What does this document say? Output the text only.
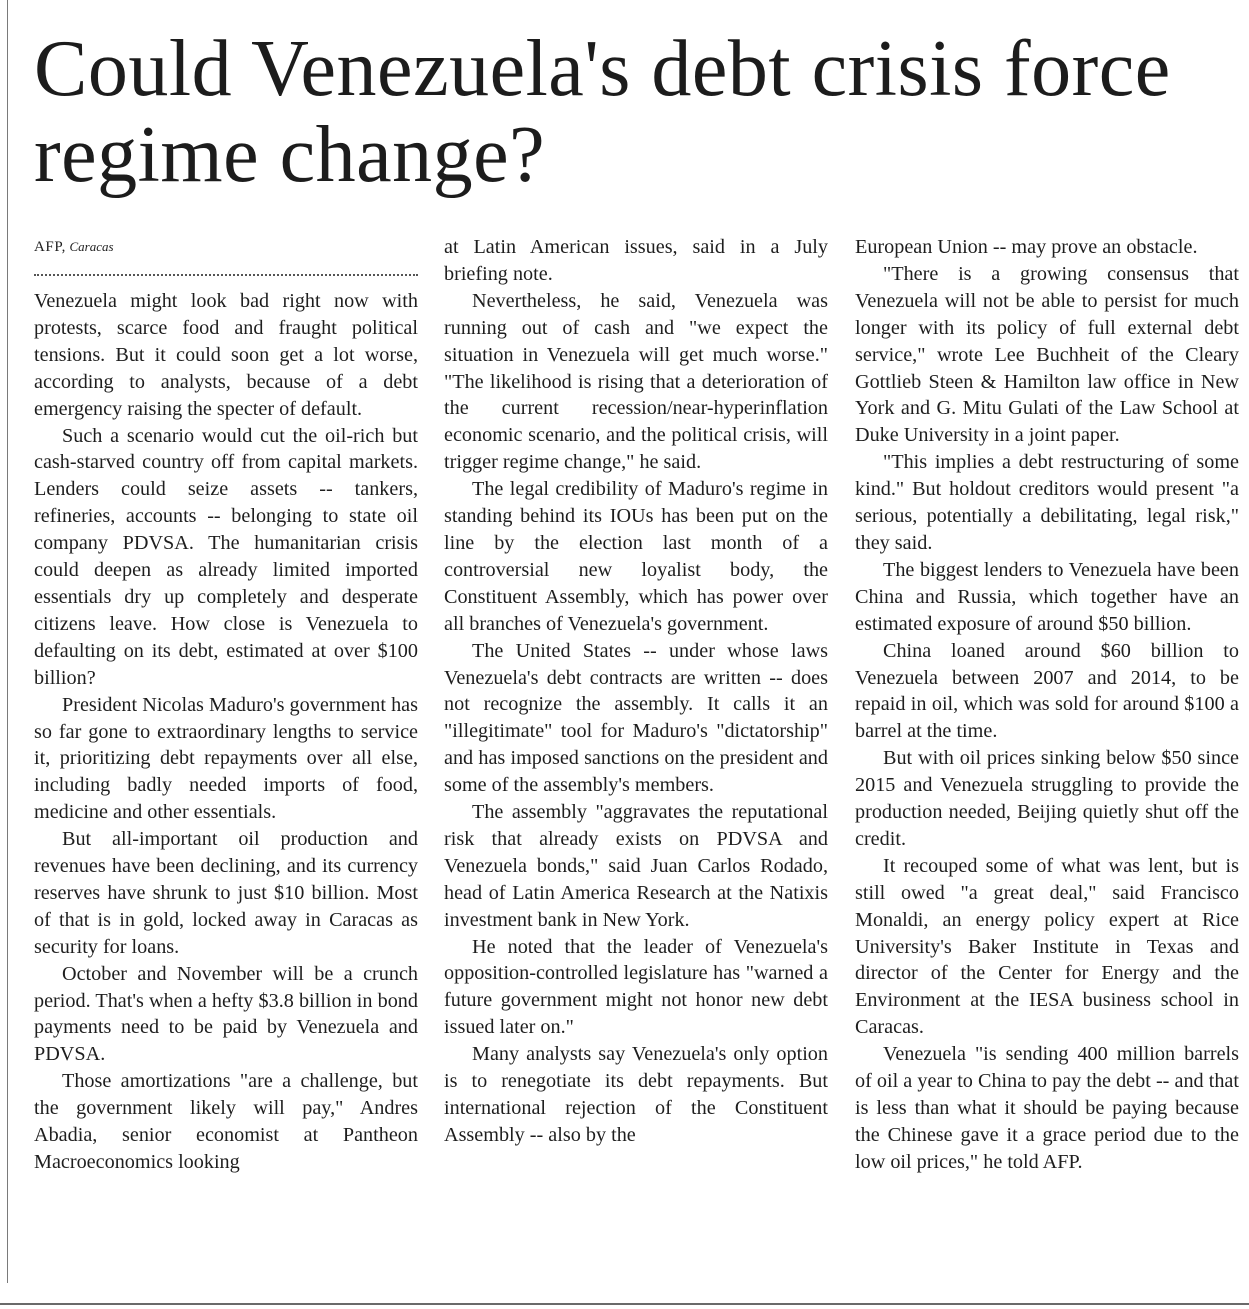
Could Venezuela's debt crisis force regime change?
AFP, Caracas

Venezuela might look bad right now with protests, scarce food and fraught political tensions. But it could soon get a lot worse, according to analysts, because of a debt emergency raising the specter of default.

Such a scenario would cut the oil-rich but cash-starved country off from capital markets. Lenders could seize assets -- tankers, refineries, accounts -- belonging to state oil company PDVSA. The humanitarian crisis could deepen as already limited imported essentials dry up completely and desperate citizens leave. How close is Venezuela to defaulting on its debt, estimated at over $100 billion?

President Nicolas Maduro's government has so far gone to extraordinary lengths to service it, prioritizing debt repayments over all else, including badly needed imports of food, medicine and other essentials.

But all-important oil production and revenues have been declining, and its currency reserves have shrunk to just $10 billion. Most of that is in gold, locked away in Caracas as security for loans.

October and November will be a crunch period. That's when a hefty $3.8 billion in bond payments need to be paid by Venezuela and PDVSA.

Those amortizations "are a challenge, but the government likely will pay," Andres Abadia, senior economist at Pantheon Macroeconomics looking

at Latin American issues, said in a July briefing note.

Nevertheless, he said, Venezuela was running out of cash and "we expect the situation in Venezuela will get much worse." "The likelihood is rising that a deterioration of the current recession/near-hyperinflation economic scenario, and the political crisis, will trigger regime change," he said.

The legal credibility of Maduro's regime in standing behind its IOUs has been put on the line by the election last month of a controversial new loyalist body, the Constituent Assembly, which has power over all branches of Venezuela's government.

The United States -- under whose laws Venezuela's debt contracts are written -- does not recognize the assembly. It calls it an "illegitimate" tool for Maduro's "dictatorship" and has imposed sanctions on the president and some of the assembly's members.

The assembly "aggravates the reputational risk that already exists on PDVSA and Venezuela bonds," said Juan Carlos Rodado, head of Latin America Research at the Natixis investment bank in New York.

He noted that the leader of Venezuela's opposition-controlled legislature has "warned a future government might not honor new debt issued later on."

Many analysts say Venezuela's only option is to renegotiate its debt repayments. But international rejection of the Constituent Assembly -- also by the

European Union -- may prove an obstacle.

"There is a growing consensus that Venezuela will not be able to persist for much longer with its policy of full external debt service," wrote Lee Buchheit of the Cleary Gottlieb Steen & Hamilton law office in New York and G. Mitu Gulati of the Law School at Duke University in a joint paper.

"This implies a debt restructuring of some kind." But holdout creditors would present "a serious, potentially a debilitating, legal risk," they said.

The biggest lenders to Venezuela have been China and Russia, which together have an estimated exposure of around $50 billion.

China loaned around $60 billion to Venezuela between 2007 and 2014, to be repaid in oil, which was sold for around $100 a barrel at the time.

But with oil prices sinking below $50 since 2015 and Venezuela struggling to provide the production needed, Beijing quietly shut off the credit.

It recouped some of what was lent, but is still owed "a great deal," said Francisco Monaldi, an energy policy expert at Rice University's Baker Institute in Texas and director of the Center for Energy and the Environment at the IESA business school in Caracas.

Venezuela "is sending 400 million barrels of oil a year to China to pay the debt -- and that is less than what it should be paying because the Chinese gave it a grace period due to the low oil prices," he told AFP.
